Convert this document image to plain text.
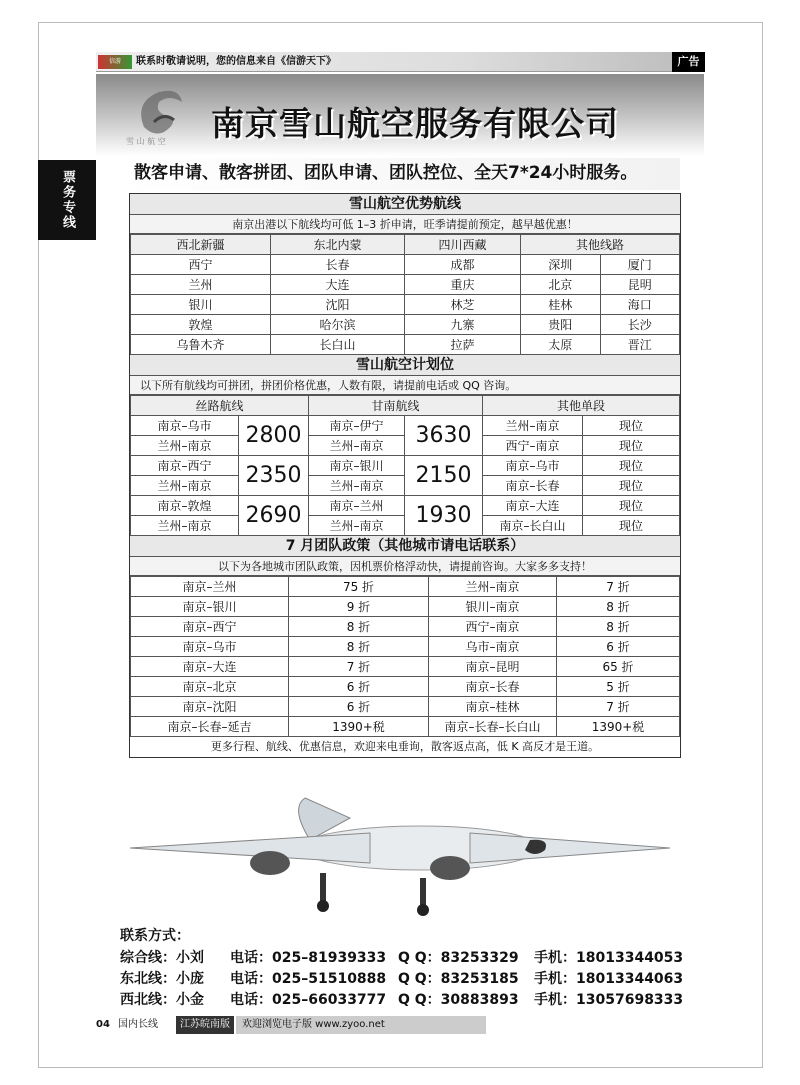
信游	联系时敬请说明，您的信息来自《信游天下》	广告
票务专线
雪 山 航 空 南京雪山航空服务有限公司
散客申请、散客拼团、团队申请、团队控位、全天7*24小时服务。
雪山航空优势航线
南京出港以下航线均可低 1–3 折申请，旺季请提前预定，越早越优惠！
西北新疆	东北内蒙	四川西藏	其他线路	
西宁	长春	成都	深圳	厦门
兰州	大连	重庆	北京	昆明
银川	沈阳	林芝	桂林	海口
敦煌	哈尔滨	九寨	贵阳	长沙
乌鲁木齐	长白山	拉萨	太原	晋江
雪山航空计划位
以下所有航线均可拼团，拼团价格优惠，人数有限，请提前电话或 QQ 咨询。
丝路航线		甘南航线		其他单段	
南京–乌市	2800	南京–伊宁	3630	兰州–南京	现位
兰州–南京		兰州–南京		西宁–南京	现位
南京–西宁	2350	南京–银川	2150	南京–乌市	现位
兰州–南京		兰州–南京		南京–长春	现位
南京–敦煌	2690	南京–兰州	1930	南京–大连	现位
兰州–南京		兰州–南京		南京–长白山	现位
7 月团队政策（其他城市请电话联系）
以下为各地城市团队政策，因机票价格浮动快，请提前咨询。大家多多支持！
南京–兰州	75 折	兰州–南京	7 折
南京–银川	9 折	银川–南京	8 折
南京–西宁	8 折	西宁–南京	8 折
南京–乌市	8 折	乌市–南京	6 折
南京–大连	7 折	南京–昆明	65 折
南京–北京	6 折	南京–长春	5 折
南京–沈阳	6 折	南京–桂林	7 折
南京–长春–延吉	1390+税	南京–长春–长白山	1390+税
更多行程、航线、优惠信息，欢迎来电垂询，散客返点高，低 K 高反才是王道。
联系方式：
综合线：小刘 电话：025–81939333 Q Q：83253329 手机：18013344053
东北线：小庞 电话：025–51510888 Q Q：83253185 手机：18013344063
西北线：小金 电话：025–66033777 Q Q：30883893 手机：13057698333
04 国内长线	江苏皖南版	欢迎浏览电子版 www.zyoo.net
